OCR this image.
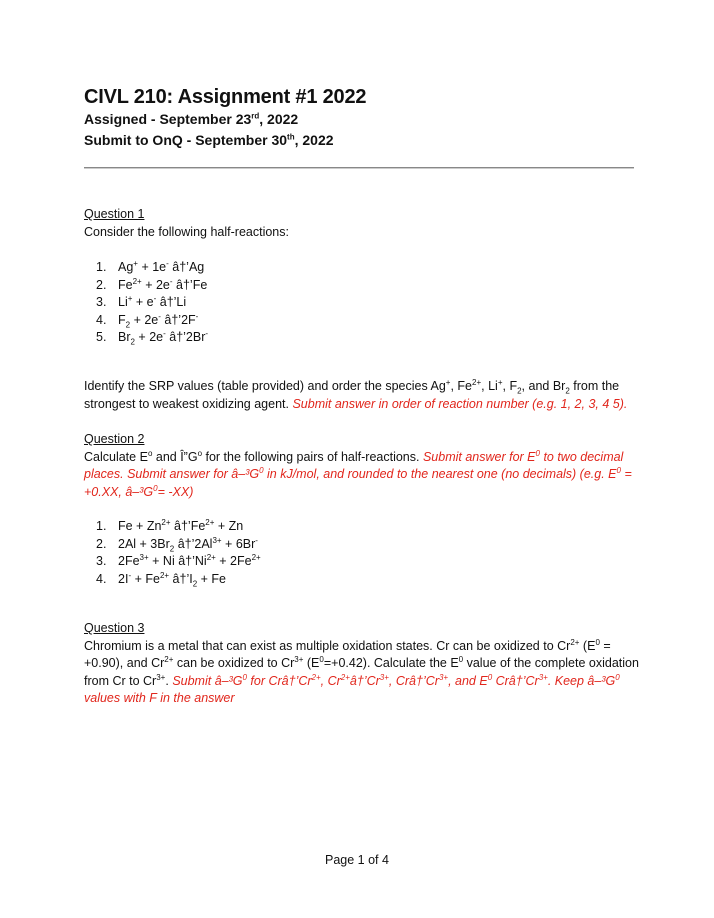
CIVL 210: Assignment #1 2022
Assigned - September 23rd, 2022
Submit to OnQ - September 30th, 2022
Question 1
Consider the following half-reactions:
1. Ag+ + 1e- â†’Ag
2. $Fe^{2+} + 2e^-$ â†’Fe
3. Li+ + e- â†’Li
4. $F_2 + 2e^-$ â†’2F-
5. $Br_2 + 2e^-$ â†’2Br-
Identify the SRP values (table provided) and order the species Ag+, $Fe^{2+}$, Li+, $F_2$, and $Br_2$ from the strongest to weakest oxidizing agent. Submit answer in order of reaction number (e.g. 1, 2, 3, 4 5).
Question 2
Calculate $E^o$ and $Î”G^o$ for the following pairs of half-reactions. Submit answer for $E^0$ to two decimal places. Submit answer for $â-^3G^0$ in kJ/mol, and rounded to the nearest one (no decimals) (e.g. $E^0 = +0.XX$, $â-^3G^0= -XX$)
1. $Fe + Zn^{2+}$ $â\dagger’Fe^{2+} + Zn$
2. $2Al + 3Br_2$ $â\dagger’2Al^{3+} + 6Br^-$
3. $2Fe^{3+} + Ni$ $â\dagger’Ni^{2+} + 2Fe^{2+}$
4. $2I^- + Fe^{2+}$ $â\dagger’I_2 + Fe$
Question 3
Chromium is a metal that can exist as multiple oxidation states. Cr can be oxidized to $Cr^{2+}$ $(E^0 = +0.90)$, and $Cr^{2+}$ can be oxidized to $Cr^{3+}$ $(E^0=+0.42)$. Calculate the $E^0$ value of the complete oxidation from Cr to $Cr^{3+}$. Submit $â-^3G^0$ for $Crâ\dagger’Cr^{2+}$, $Cr^{2+}â\dagger’Cr^{3+}$, $Crâ\dagger’Cr^{3+}$, and $E^0$ $Crâ\dagger’Cr^{3+}$. Keep $â-^3G^0$ values with F in the answer
Page 1 of 4
